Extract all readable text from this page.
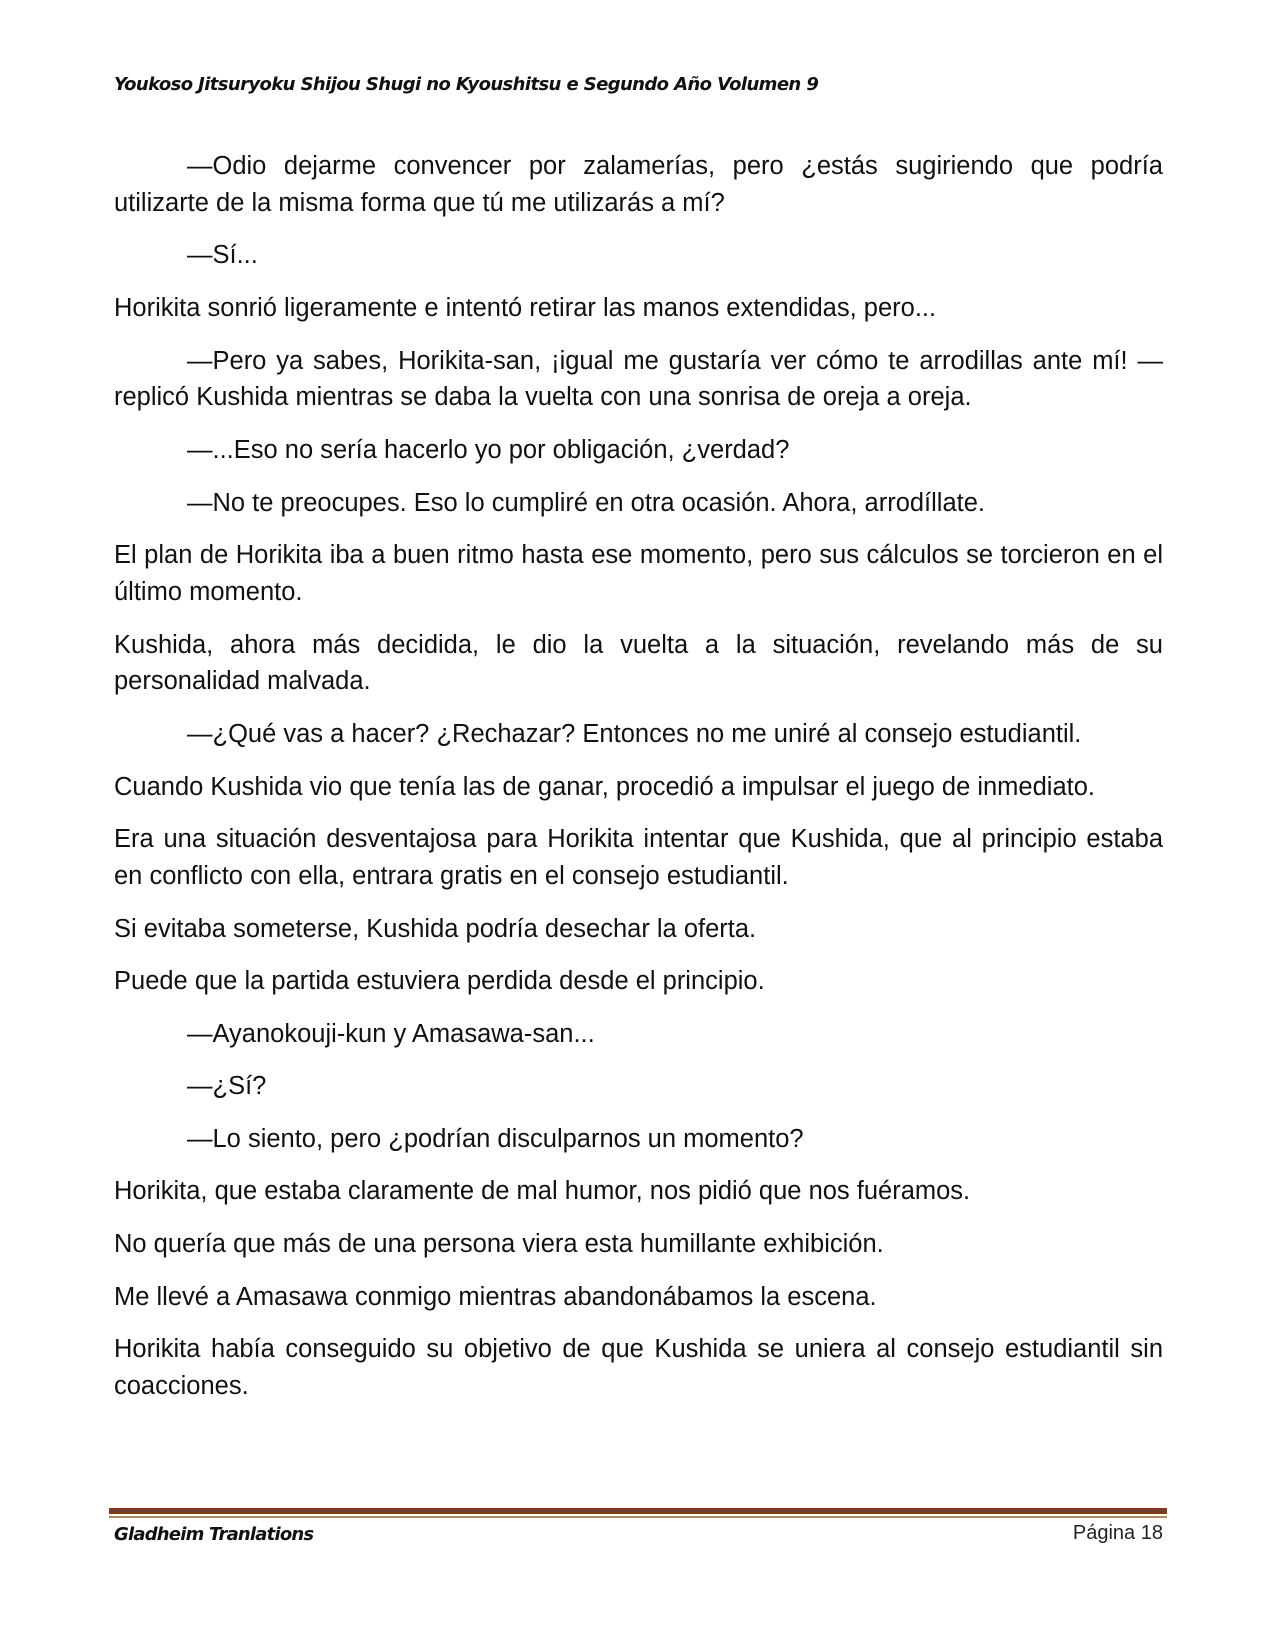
Youkoso Jitsuryoku Shijou Shugi no Kyoushitsu e Segundo Año Volumen 9

—Odio dejarme convencer por zalamerías, pero ¿estás sugiriendo que podría utilizarte de la misma forma que tú me utilizarás a mí?

—Sí...

Horikita sonrió ligeramente e intentó retirar las manos extendidas, pero...

—Pero ya sabes, Horikita-san, ¡igual me gustaría ver cómo te arrodillas ante mí! —replicó Kushida mientras se daba la vuelta con una sonrisa de oreja a oreja.

—...Eso no sería hacerlo yo por obligación, ¿verdad?

—No te preocupes. Eso lo cumpliré en otra ocasión. Ahora, arrodíllate.

El plan de Horikita iba a buen ritmo hasta ese momento, pero sus cálculos se torcieron en el último momento.

Kushida, ahora más decidida, le dio la vuelta a la situación, revelando más de su personalidad malvada.

—¿Qué vas a hacer? ¿Rechazar? Entonces no me uniré al consejo estudiantil.

Cuando Kushida vio que tenía las de ganar, procedió a impulsar el juego de inmediato.

Era una situación desventajosa para Horikita intentar que Kushida, que al principio estaba en conflicto con ella, entrara gratis en el consejo estudiantil.

Si evitaba someterse, Kushida podría desechar la oferta.

Puede que la partida estuviera perdida desde el principio.

—Ayanokouji-kun y Amasawa-san...

—¿Sí?

—Lo siento, pero ¿podrían disculparnos un momento?

Horikita, que estaba claramente de mal humor, nos pidió que nos fuéramos.

No quería que más de una persona viera esta humillante exhibición.

Me llevé a Amasawa conmigo mientras abandonábamos la escena.

Horikita había conseguido su objetivo de que Kushida se uniera al consejo estudiantil sin coacciones.

Gladheim Tranlations	Página 18
